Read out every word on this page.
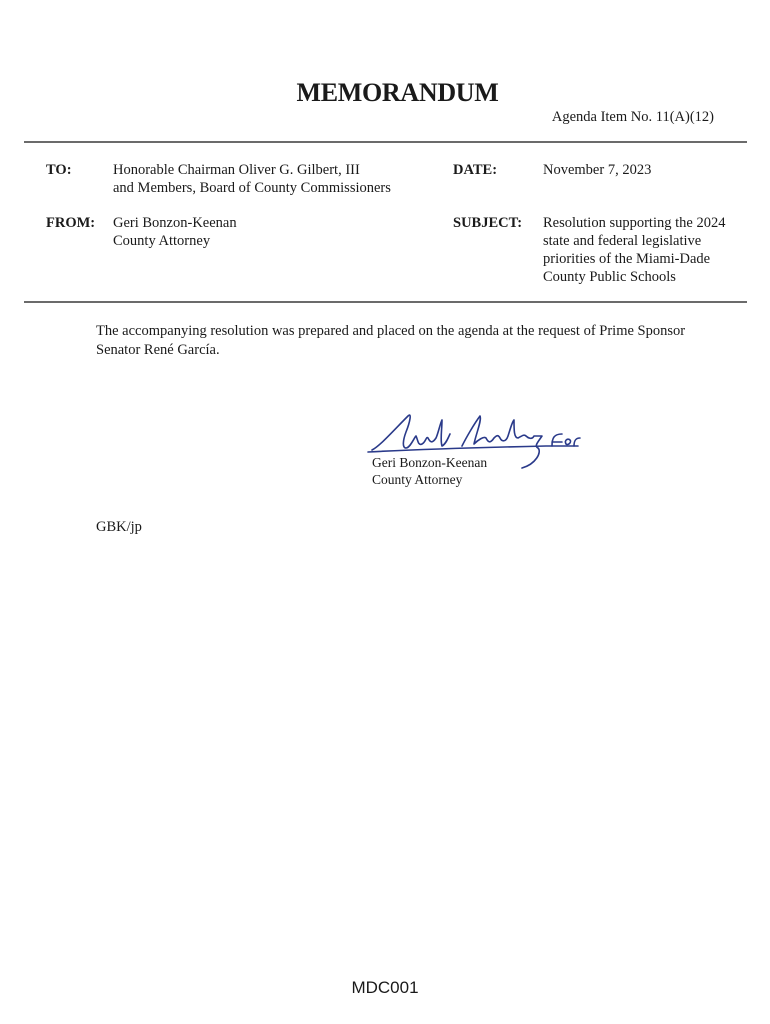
MEMORANDUM
Agenda Item No. 11(A)(12)
TO:	Honorable Chairman Oliver G. Gilbert, III
and Members, Board of County Commissioners
DATE:	November 7, 2023
FROM: Geri Bonzon-Keenan
County Attorney
SUBJECT: Resolution supporting the 2024
state and federal legislative
priorities of the Miami-Dade
County Public Schools
The accompanying resolution was prepared and placed on the agenda at the request of Prime Sponsor
Senator René García.
Geri Bonzon-Keenan
County Attorney
GBK/jp
MDC001
